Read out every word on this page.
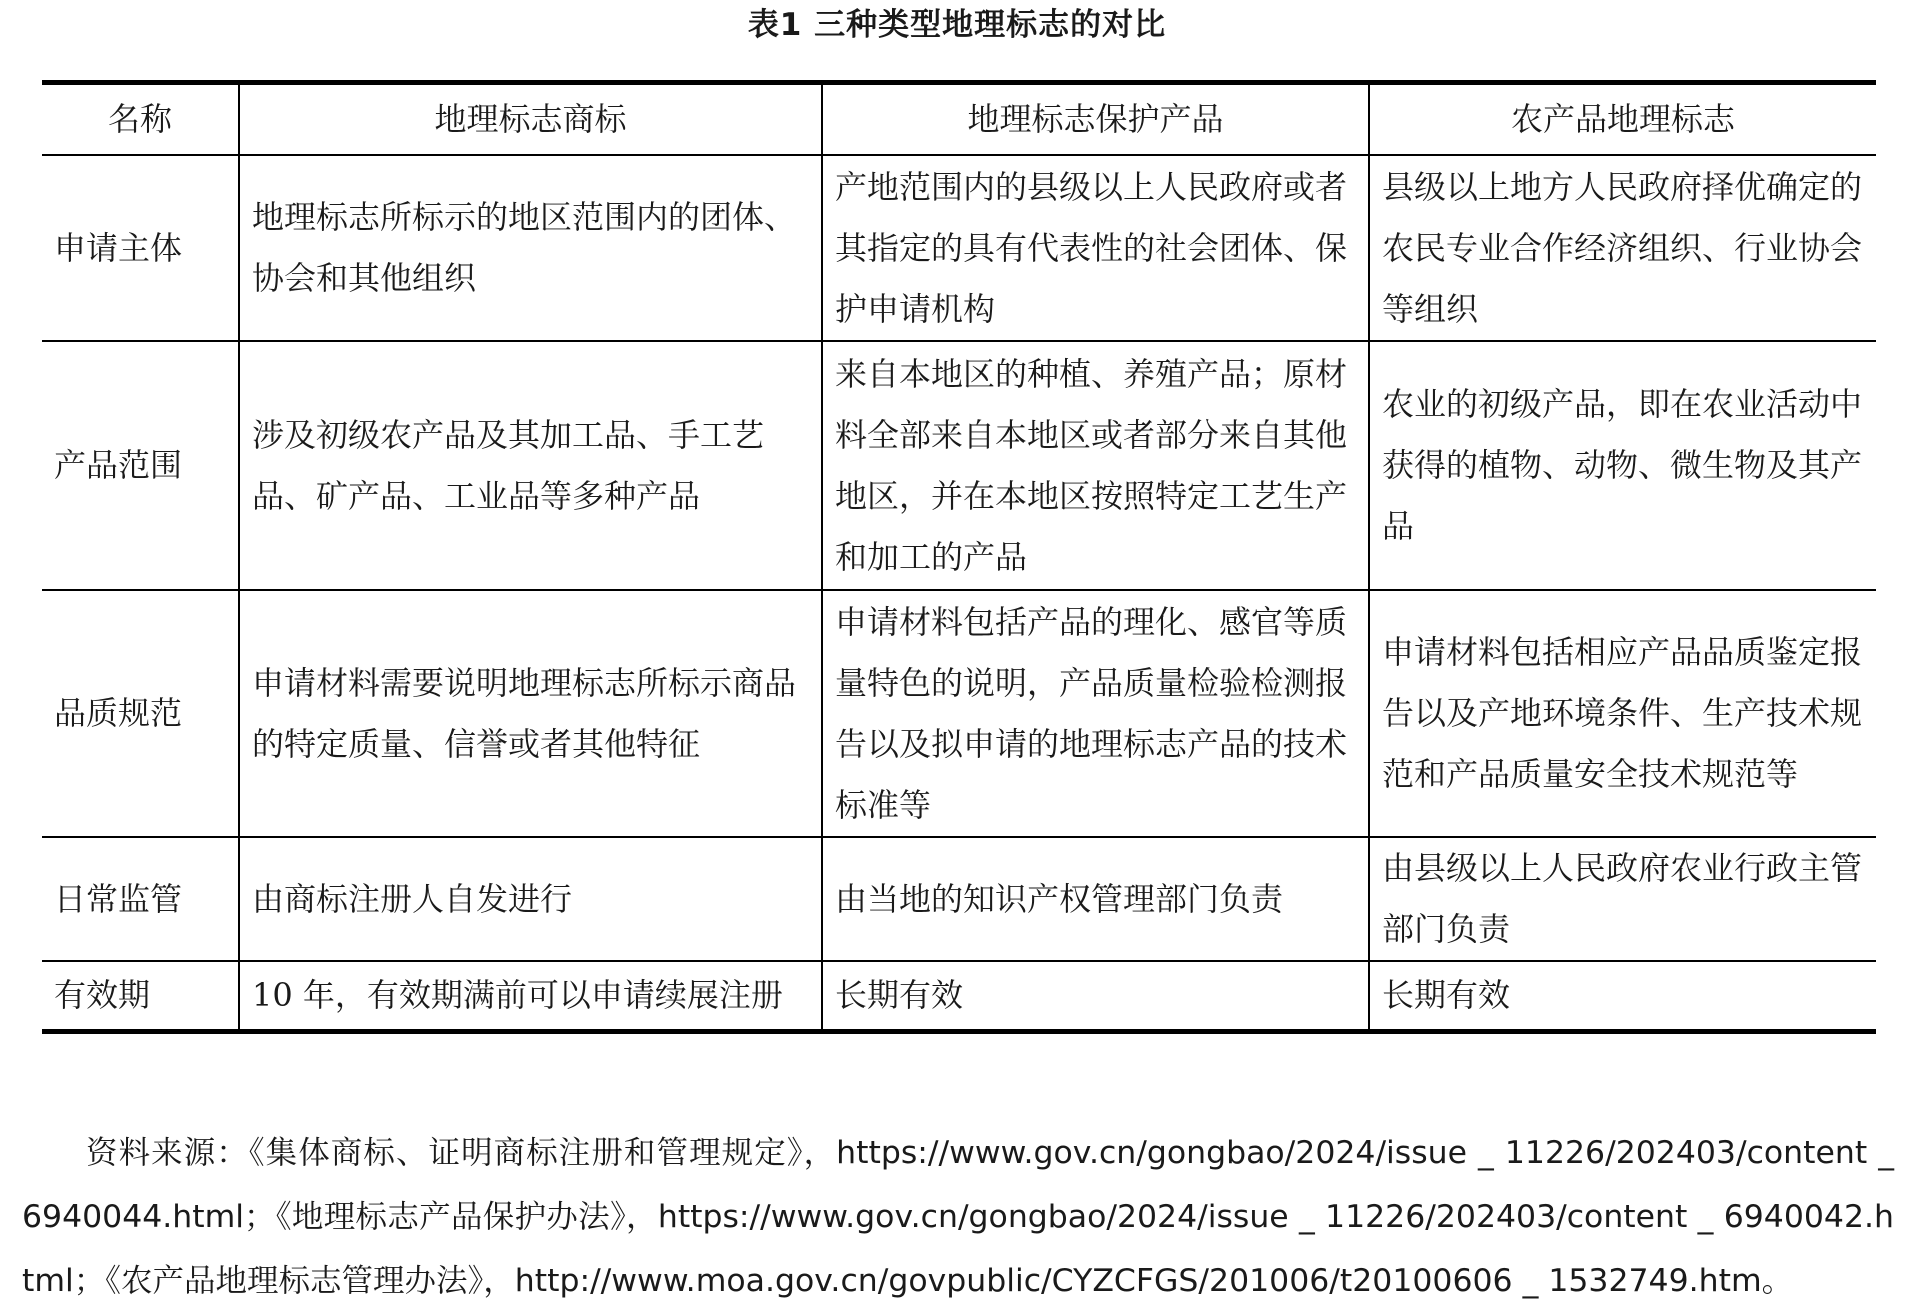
表1 三种类型地理标志的对比
名称	地理标志商标	地理标志保护产品	农产品地理标志
申请主体	地理标志所标示的地区范围内的团体、协会和其他组织	产地范围内的县级以上人民政府或者其指定的具有代表性的社会团体、保护申请机构	县级以上地方人民政府择优确定的农民专业合作经济组织、行业协会等组织
产品范围	涉及初级农产品及其加工品、手工艺品、矿产品、工业品等多种产品	来自本地区的种植、养殖产品；原材料全部来自本地区或者部分来自其他地区，并在本地区按照特定工艺生产和加工的产品	农业的初级产品，即在农业活动中获得的植物、动物、微生物及其产品
品质规范	申请材料需要说明地理标志所标示商品的特定质量、信誉或者其他特征	申请材料包括产品的理化、感官等质量特色的说明，产品质量检验检测报告以及拟申请的地理标志产品的技术标准等	申请材料包括相应产品品质鉴定报告以及产地环境条件、生产技术规范和产品质量安全技术规范等
日常监管	由商标注册人自发进行	由当地的知识产权管理部门负责	由县级以上人民政府农业行政主管部门负责
有效期	10 年，有效期满前可以申请续展注册	长期有效	长期有效

资料来源：《集体商标、证明商标注册和管理规定》，https://www.gov.cn/gongbao/2024/issue _ 11226/202403/content _ 6940044.html；《地理标志产品保护办法》，https://www.gov.cn/gongbao/2024/issue _ 11226/202403/content _ 6940042.html；《农产品地理标志管理办法》，http://www.moa.gov.cn/govpublic/CYZCFGS/201006/t20100606 _ 1532749.htm。
